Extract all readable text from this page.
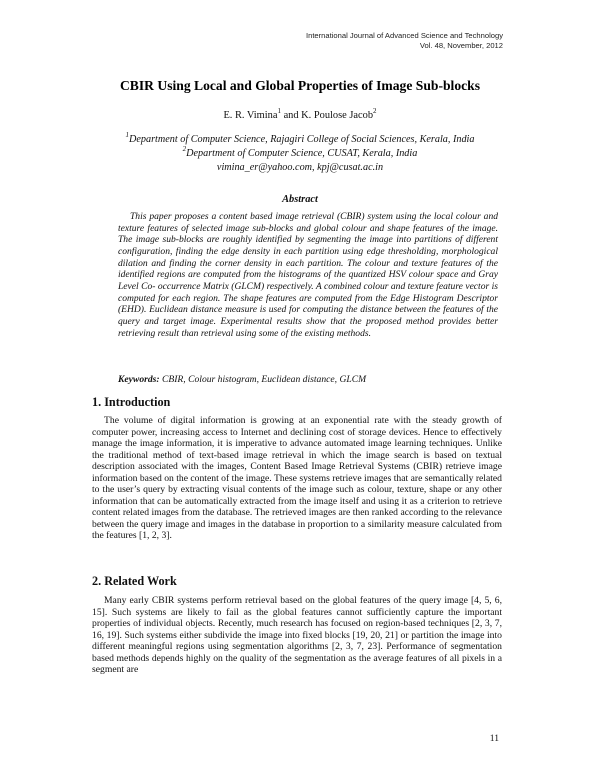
International Journal of Advanced Science and Technology
Vol. 48, November, 2012
CBIR Using Local and Global Properties of Image Sub-blocks
E. R. Vimina$^1$ and K. Poulose Jacob$^2$
$^1$Department of Computer Science, Rajagiri College of Social Sciences, Kerala, India
$^2$Department of Computer Science, CUSAT, Kerala, India
vimina_er@yahoo.com, kpj@cusat.ac.in
Abstract

This paper proposes a content based image retrieval (CBIR) system using the local colour and texture features of selected image sub-blocks and global colour and shape features of the image. The image sub-blocks are roughly identified by segmenting the image into partitions of different configuration, finding the edge density in each partition using edge thresholding, morphological dilation and finding the corner density in each partition. The colour and texture features of the identified regions are computed from the histograms of the quantized HSV colour space and Gray Level Co- occurrence Matrix (GLCM) respectively. A combined colour and texture feature vector is computed for each region. The shape features are computed from the Edge Histogram Descriptor (EHD). Euclidean distance measure is used for computing the distance between the features of the query and target image. Experimental results show that the proposed method provides better retrieving result than retrieval using some of the existing methods.

Keywords: CBIR, Colour histogram, Euclidean distance, GLCM
1. Introduction

The volume of digital information is growing at an exponential rate with the steady growth of computer power, increasing access to Internet and declining cost of storage devices. Hence to effectively manage the image information, it is imperative to advance automated image learning techniques. Unlike the traditional method of text-based image retrieval in which the image search is based on textual description associated with the images, Content Based Image Retrieval Systems (CBIR) retrieve image information based on the content of the image. These systems retrieve images that are semantically related to the user’s query by extracting visual contents of the image such as colour, texture, shape or any other information that can be automatically extracted from the image itself and using it as a criterion to retrieve content related images from the database. The retrieved images are then ranked according to the relevance between the query image and images in the database in proportion to a similarity measure calculated from the features [1, 2, 3].

2. Related Work

Many early CBIR systems perform retrieval based on the global features of the query image [4, 5, 6, 15]. Such systems are likely to fail as the global features cannot sufficiently capture the important properties of individual objects. Recently, much research has focused on region-based techniques [2, 3, 7, 16, 19]. Such systems either subdivide the image into fixed blocks [19, 20, 21] or partition the image into different meaningful regions using segmentation algorithms [2, 3, 7, 23]. Performance of segmentation based methods depends highly on the quality of the segmentation as the average features of all pixels in a segment are

11
